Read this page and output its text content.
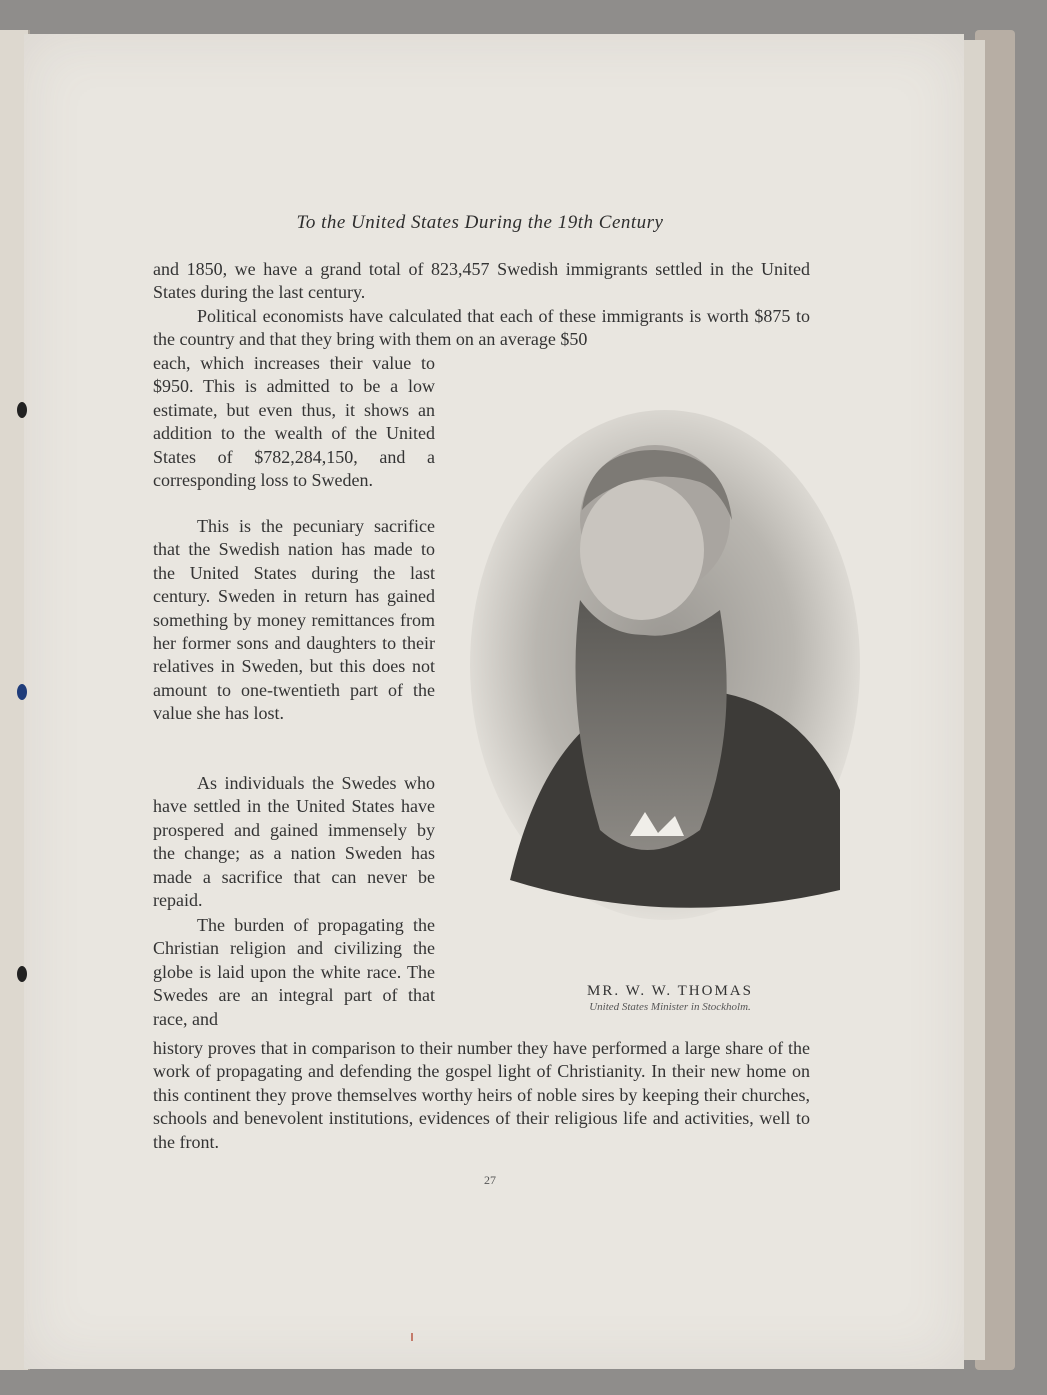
To the United States During the 19th Century

and 1850, we have a grand total of 823,457 Swedish immigrants settled in the United States during the last century.

Political economists have calculated that each of these immigrants is worth $875 to the country and that they bring with them on an average $50

each, which increases their value to $950. This is admitted to be a low estimate, but even thus, it shows an addition to the wealth of the United States of $782,284,150, and a corresponding loss to Sweden.

This is the pecuniary sacrifice that the Swedish nation has made to the United States during the last century. Sweden in return has gained something by money remittances from her former sons and daughters to their relatives in Sweden, but this does not amount to one-twentieth part of the value she has lost.

As individuals the Swedes who have settled in the United States have prospered and gained immensely by the change; as a nation Sweden has made a sacrifice that can never be repaid.

The burden of propagating the Christian religion and civilizing the globe is laid upon the white race. The Swedes are an integral part of that race, and

history proves that in comparison to their number they have performed a large share of the work of propagating and defending the gospel light of Christianity. In their new home on this continent they prove themselves worthy heirs of noble sires by keeping their churches, schools and benevolent institutions, evidences of their religious life and activities, well to the front.

MR. W. W. THOMAS
United States Minister in Stockholm.
27
